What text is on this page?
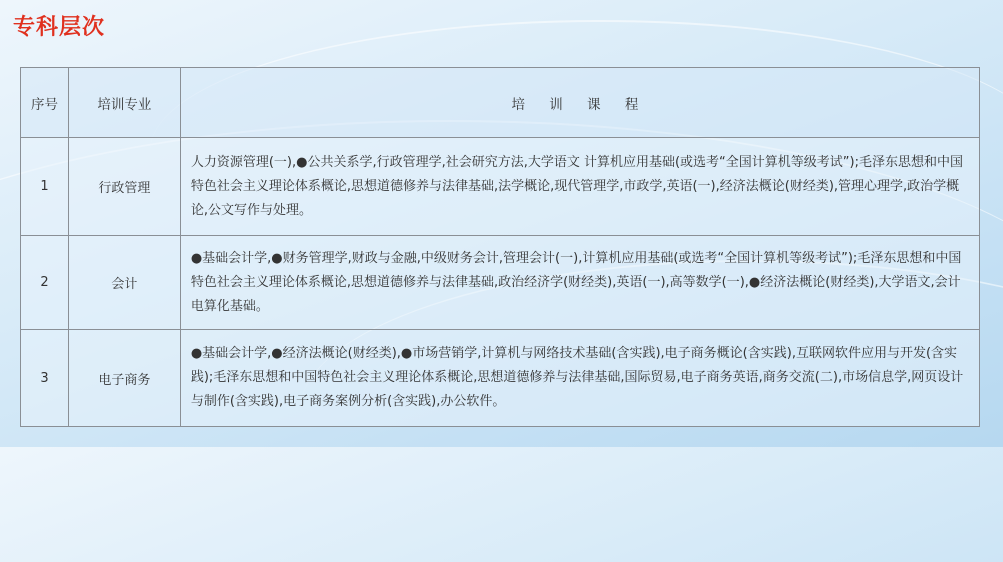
专科层次
序号	培训专业	培 训 课 程
1	行政管理	人力资源管理(一),●公共关系学,行政管理学,社会研究方法,大学语文 计算机应用基础(或选考“全国计算机等级考试”);毛泽东思想和中国特色社会主义理论体系概论,思想道德修养与法律基础,法学概论,现代管理学,市政学,英语(一),经济法概论(财经类),管理心理学,政治学概论,公文写作与处理。
2	会计	●基础会计学,●财务管理学,财政与金融,中级财务会计,管理会计(一),计算机应用基础(或选考“全国计算机等级考试”);毛泽东思想和中国特色社会主义理论体系概论,思想道德修养与法律基础,政治经济学(财经类),英语(一),高等数学(一),●经济法概论(财经类),大学语文,会计电算化基础。
3	电子商务	●基础会计学,●经济法概论(财经类),●市场营销学,计算机与网络技术基础(含实践),电子商务概论(含实践),互联网软件应用与开发(含实践);毛泽东思想和中国特色社会主义理论体系概论,思想道德修养与法律基础,国际贸易,电子商务英语,商务交流(二),市场信息学,网页设计与制作(含实践),电子商务案例分析(含实践),办公软件。
